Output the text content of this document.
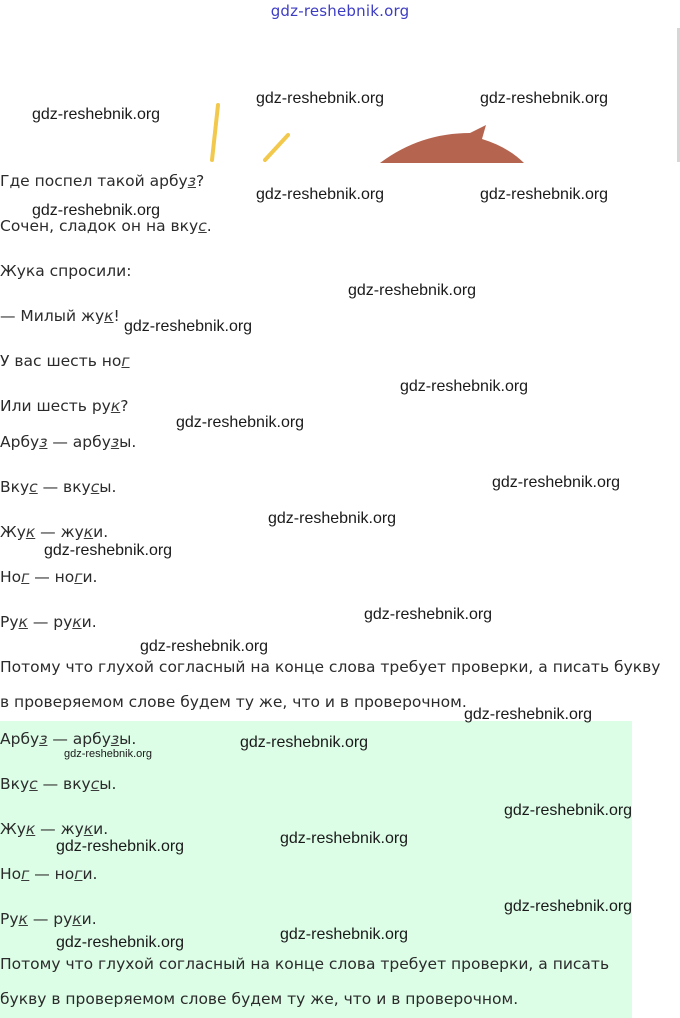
gdz-reshebnik.org
Где поспел такой арбуз?
Сочен, сладок он на вкус.
Жука спросили:
— Милый жук!
У вас шесть ног
Или шесть рук?
Арбуз — арбузы.
Вкус — вкусы.
Жук — жуки.
Ног — ноги.
Рук — руки.
Потому что глухой согласный на конце слова требует проверки, а писать букву
в проверяемом слове будем ту же, что и в проверочном.
Арбуз — арбузы.
Вкус — вкусы.
Жук — жуки.
Ног — ноги.
Рук — руки.
Потому что глухой согласный на конце слова требует проверки, а писать
букву в проверяемом слове будем ту же, что и в проверочном.
gdz-reshebnik.org
gdz-reshebnik.org	gdz-reshebnik.org
gdz-reshebnik.org	gdz-reshebnik.org
gdz-reshebnik.org
gdz-reshebnik.org
gdz-reshebnik.org
gdz-reshebnik.org
gdz-reshebnik.org
gdz-reshebnik.org
gdz-reshebnik.org
gdz-reshebnik.org
gdz-reshebnik.org
gdz-reshebnik.org
gdz-reshebnik.org
gdz-reshebnik.org
gdz-reshebnik.org
gdz-reshebnik.org
gdz-reshebnik.org
gdz-reshebnik.org
gdz-reshebnik.org
gdz-reshebnik.org
gdz-reshebnik.org
